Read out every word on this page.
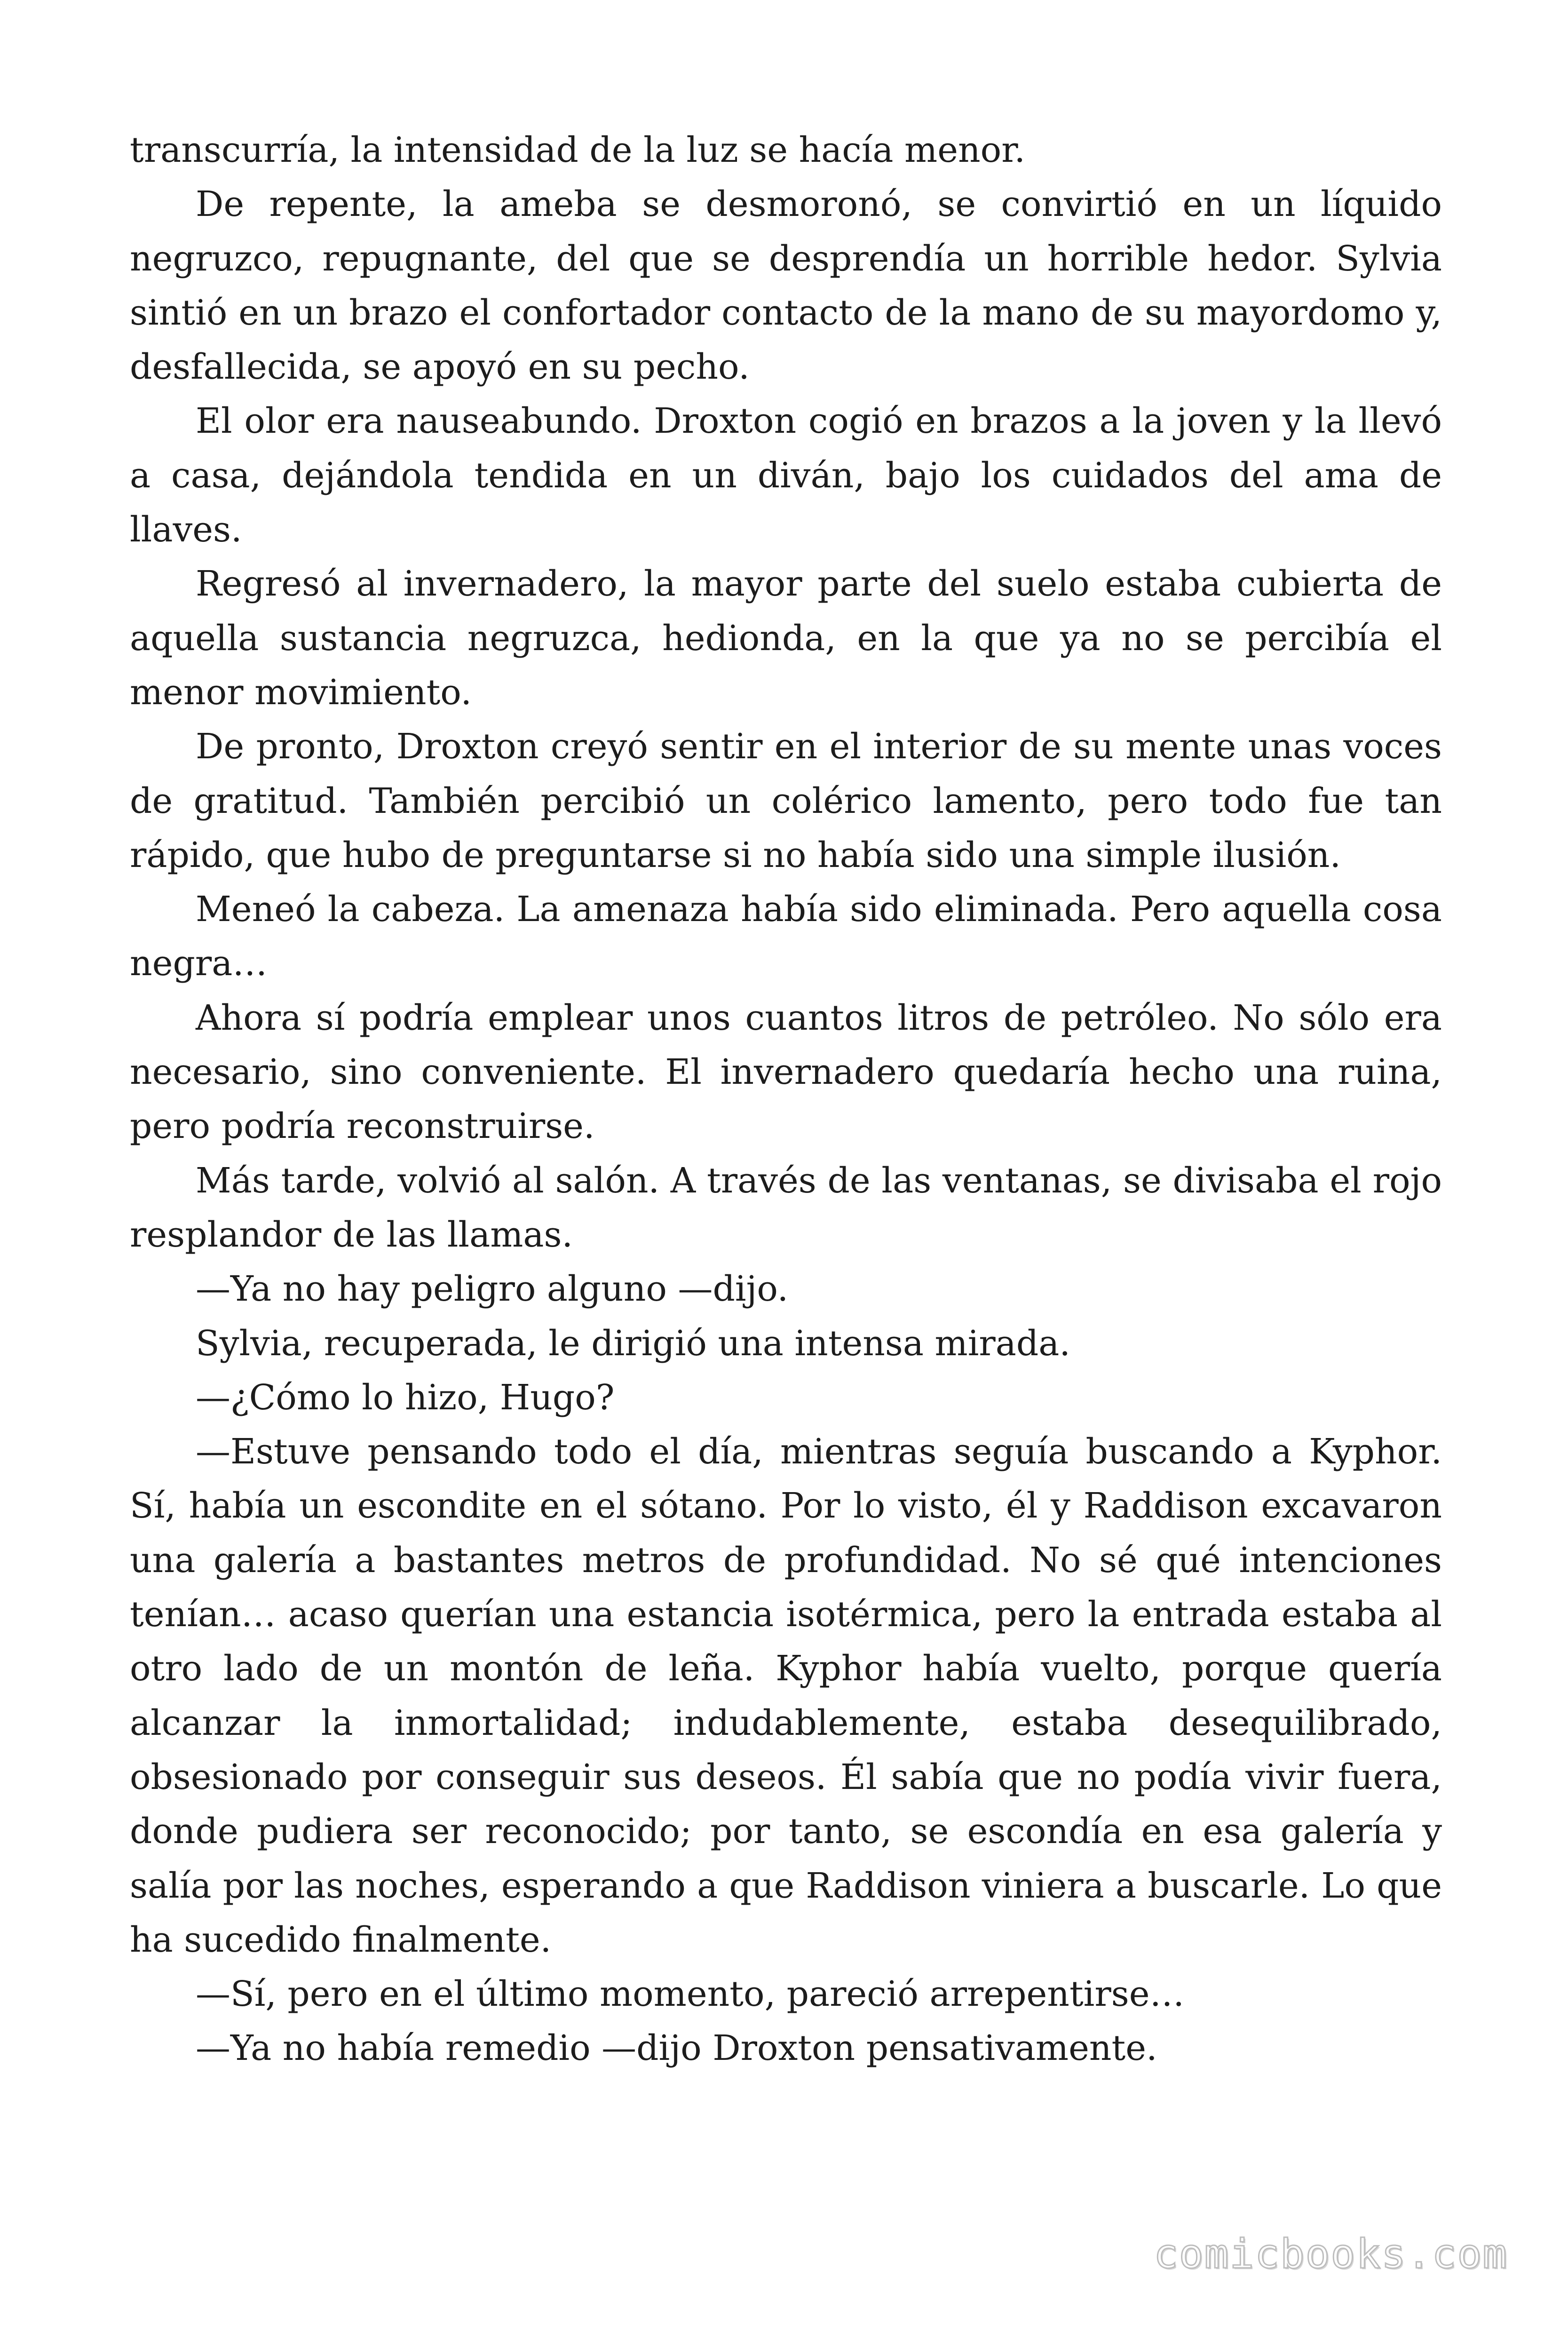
transcurría, la intensidad de la luz se hacía menor.

De repente, la ameba se desmoronó, se convirtió en un líquido negruzco, repugnante, del que se desprendía un horrible hedor. Sylvia sintió en un brazo el confortador contacto de la mano de su mayordomo y, desfallecida, se apoyó en su pecho.

El olor era nauseabundo. Droxton cogió en brazos a la joven y la llevó a casa, dejándola tendida en un diván, bajo los cuidados del ama de llaves.

Regresó al invernadero, la mayor parte del suelo estaba cubierta de aquella sustancia negruzca, hedionda, en la que ya no se percibía el menor movimiento.

De pronto, Droxton creyó sentir en el interior de su mente unas voces de gratitud. También percibió un colérico lamento, pero todo fue tan rápido, que hubo de preguntarse si no había sido una simple ilusión.

Meneó la cabeza. La amenaza había sido eliminada. Pero aquella cosa negra…

Ahora sí podría emplear unos cuantos litros de petróleo. No sólo era necesario, sino conveniente. El invernadero quedaría hecho una ruina, pero podría reconstruirse.

Más tarde, volvió al salón. A través de las ventanas, se divisaba el rojo resplandor de las llamas.

—Ya no hay peligro alguno —dijo.

Sylvia, recuperada, le dirigió una intensa mirada.

—¿Cómo lo hizo, Hugo?

—Estuve pensando todo el día, mientras seguía buscando a Kyphor. Sí, había un escondite en el sótano. Por lo visto, él y Raddison excavaron una galería a bastantes metros de profundidad. No sé qué intenciones tenían… acaso querían una estancia isotérmica, pero la entrada estaba al otro lado de un montón de leña. Kyphor había vuelto, porque quería alcanzar la inmortalidad; indudablemente, estaba desequilibrado, obsesionado por conseguir sus deseos. Él sabía que no podía vivir fuera, donde pudiera ser reconocido; por tanto, se escondía en esa galería y salía por las noches, esperando a que Raddison viniera a buscarle. Lo que ha sucedido finalmente.

—Sí, pero en el último momento, pareció arrepentirse…

—Ya no había remedio —dijo Droxton pensativamente.

comicbooks.com
